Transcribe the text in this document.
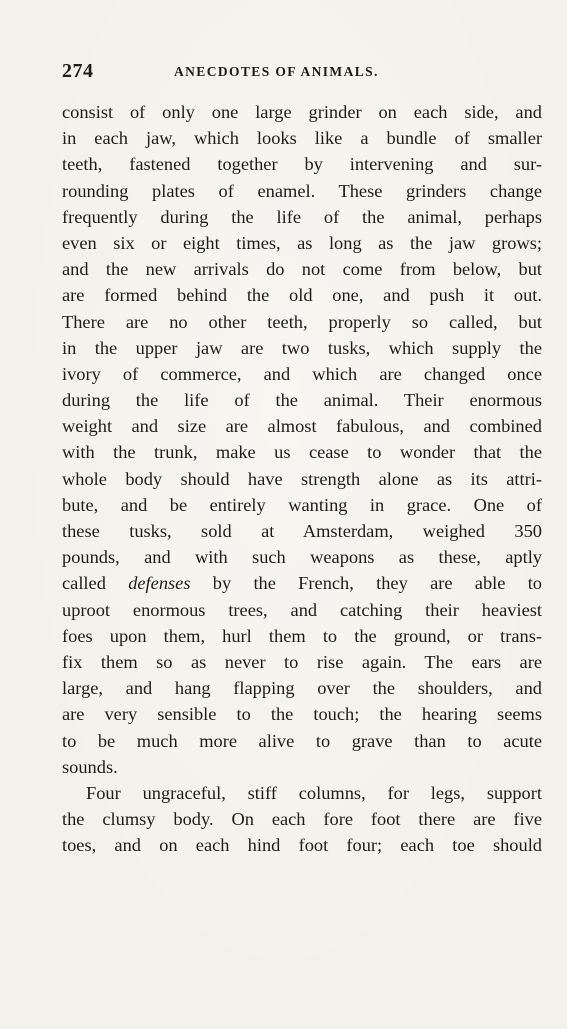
274	ANECDOTES OF ANIMALS.
consist of only one large grinder on each side, and
in each jaw, which looks like a bundle of smaller
teeth, fastened together by intervening and sur-
rounding plates of enamel. These grinders change
frequently during the life of the animal, perhaps
even six or eight times, as long as the jaw grows;
and the new arrivals do not come from below, but
are formed behind the old one, and push it out.
There are no other teeth, properly so called, but
in the upper jaw are two tusks, which supply the
ivory of commerce, and which are changed once
during the life of the animal. Their enormous
weight and size are almost fabulous, and combined
with the trunk, make us cease to wonder that the
whole body should have strength alone as its attri-
bute, and be entirely wanting in grace. One of
these tusks, sold at Amsterdam, weighed 350
pounds, and with such weapons as these, aptly
called defenses by the French, they are able to
uproot enormous trees, and catching their heaviest
foes upon them, hurl them to the ground, or trans-
fix them so as never to rise again. The ears are
large, and hang flapping over the shoulders, and
are very sensible to the touch; the hearing seems
to be much more alive to grave than to acute
sounds.
Four ungraceful, stiff columns, for legs, support
the clumsy body. On each fore foot there are five
toes, and on each hind foot four; each toe should
